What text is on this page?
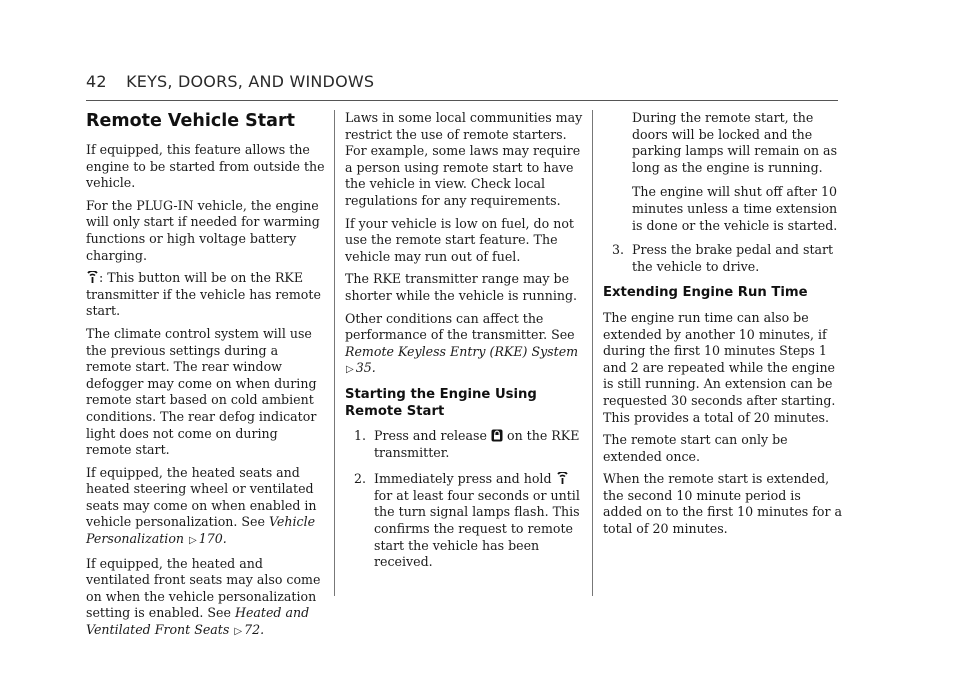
42 KEYS, DOORS, AND WINDOWS
Remote Vehicle Start

If equipped, this feature allows the engine to be started from outside the vehicle.

For the PLUG-IN vehicle, the engine will only start if needed for warming functions or high voltage battery charging.

: This button will be on the RKE transmitter if the vehicle has remote start.

The climate control system will use the previous settings during a remote start. The rear window defogger may come on when during remote start based on cold ambient conditions. The rear defog indicator light does not come on during remote start.

If equipped, the heated seats and heated steering wheel or ventilated seats may come on when enabled in vehicle personalization. See Vehicle Personalization ▷ 170.

If equipped, the heated and ventilated front seats may also come on when the vehicle personalization setting is enabled. See Heated and Ventilated Front Seats ▷ 72.

Laws in some local communities may restrict the use of remote starters. For example, some laws may require a person using remote start to have the vehicle in view. Check local regulations for any requirements.

If your vehicle is low on fuel, do not use the remote start feature. The vehicle may run out of fuel.

The RKE transmitter range may be shorter while the vehicle is running.

Other conditions can affect the performance of the transmitter. See Remote Keyless Entry (RKE) System
▷ 35.

Starting the Engine Using Remote Start
1. Press and release on the RKE transmitter.
2. Immediately press and hold
for at least four seconds or until the turn signal lamps flash. This confirms the request to remote start the vehicle has been received.

During the remote start, the doors will be locked and the parking lamps will remain on as long as the engine is running.

The engine will shut off after 10 minutes unless a time extension is done or the vehicle is started.

3. Press the brake pedal and start the vehicle to drive.
Extending Engine Run Time

The engine run time can also be extended by another 10 minutes, if during the first 10 minutes Steps 1 and 2 are repeated while the engine is still running. An extension can be requested 30 seconds after starting. This provides a total of 20 minutes.

The remote start can only be extended once.

When the remote start is extended, the second 10 minute period is added on to the first 10 minutes for a total of 20 minutes.
